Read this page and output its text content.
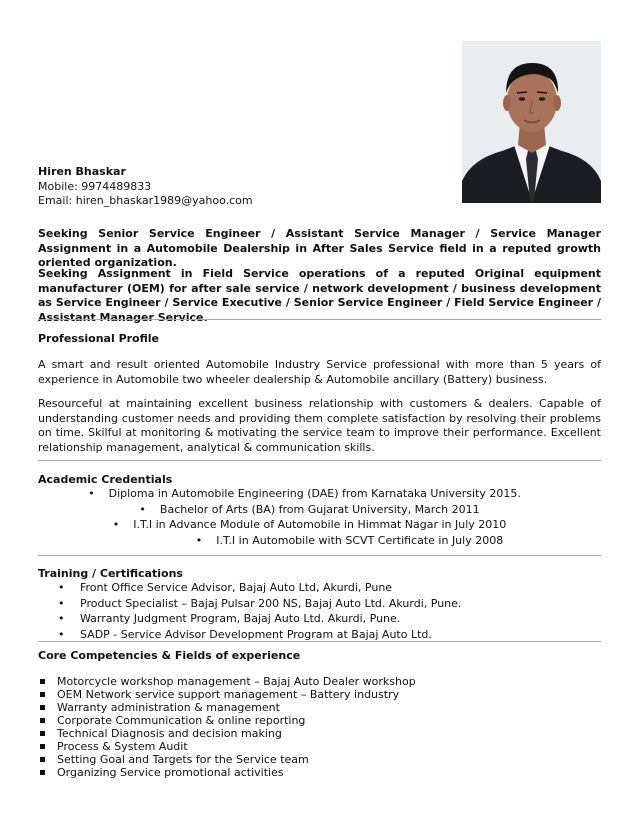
Hiren Bhaskar
Mobile: 9974489833
Email: hiren_bhaskar1989@yahoo.com
Seeking Senior Service Engineer / Assistant Service Manager / Service Manager Assignment in a Automobile Dealership in After Sales Service field in a reputed growth oriented organization.
Seeking Assignment in Field Service operations of a reputed Original equipment manufacturer (OEM) for after sale service / network development / business development as Service Engineer / Service Executive / Senior Service Engineer / Field Service Engineer / Assistant Manager Service.
Professional Profile
A smart and result oriented Automobile Industry Service professional with more than 5 years of experience in Automobile two wheeler dealership & Automobile ancillary (Battery) business.
Resourceful at maintaining excellent business relationship with customers & dealers. Capable of understanding customer needs and providing them complete satisfaction by resolving their problems on time. Skilful at monitoring & motivating the service team to improve their performance. Excellent relationship management, analytical & communication skills.
Academic Credentials
• Diploma in Automobile Engineering (DAE) from Karnataka University 2015.
• Bachelor of Arts (BA) from Gujarat University, March 2011
• I.T.I in Advance Module of Automobile in Himmat Nagar in July 2010
• I.T.I in Automobile with SCVT Certificate in July 2008
Training / Certifications
• Front Office Service Advisor, Bajaj Auto Ltd, Akurdi, Pune
• Product Specialist – Bajaj Pulsar 200 NS, Bajaj Auto Ltd. Akurdi, Pune.
• Warranty Judgment Program, Bajaj Auto Ltd. Akurdi, Pune.
• SADP - Service Advisor Development Program at Bajaj Auto Ltd.
Core Competencies & Fields of experience
Motorcycle workshop management – Bajaj Auto Dealer workshop
OEM Network service support management – Battery industry
Warranty administration & management
Corporate Communication & online reporting
Technical Diagnosis and decision making
Process & System Audit
Setting Goal and Targets for the Service team
Organizing Service promotional activities
